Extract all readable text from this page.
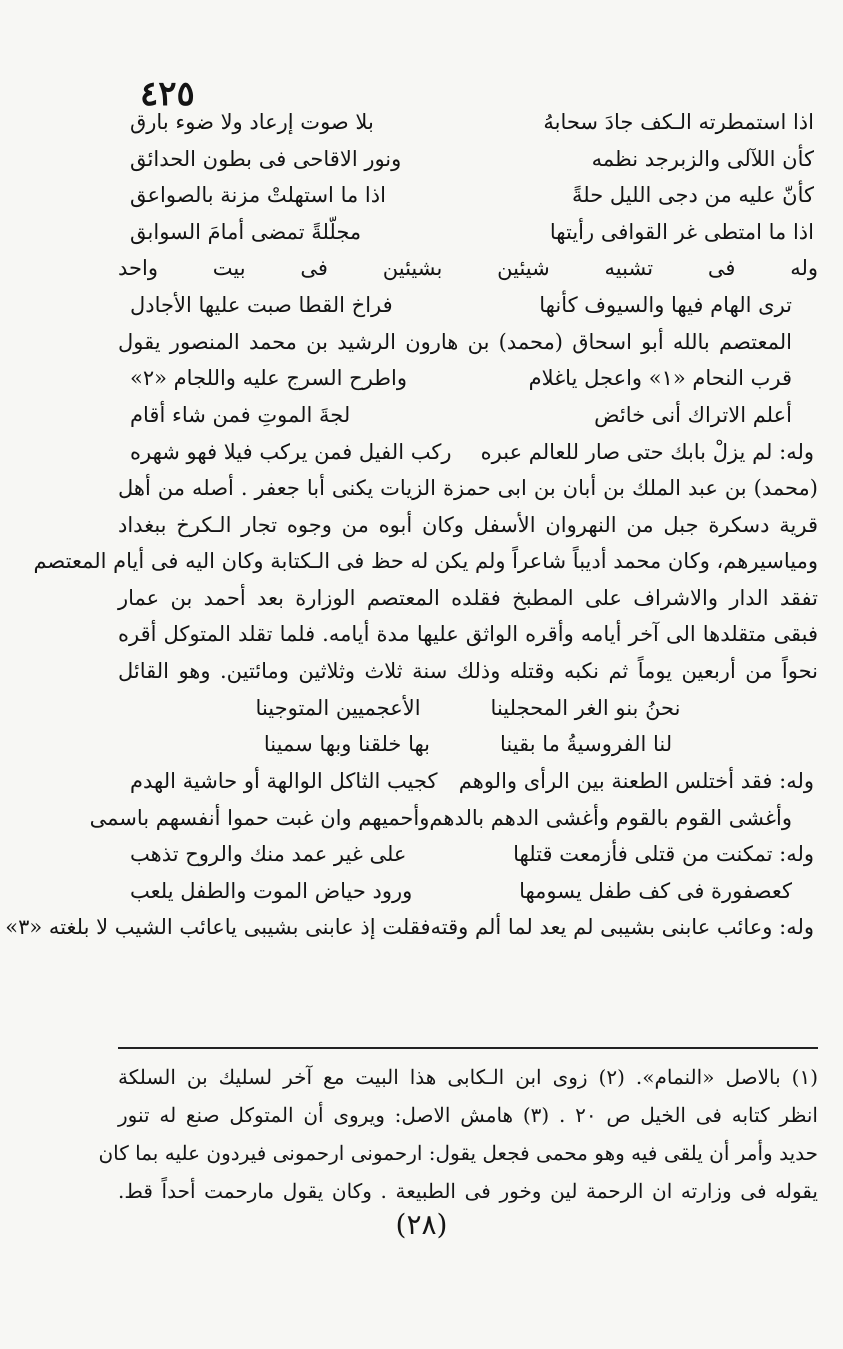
٤٢٥
اذا استمطرته الـكف جادَ سحابهُ
بلا صوت إرعاد ولا ضوء بارق
كأن اللآلى والزبرجد نظمه
ونور الاقاحى فى بطون الحدائق
كأنّ عليه من دجى الليل حلةً
اذا ما استهلتْ مزنة بالصواعق
اذا ما امتطى غر القوافى رأيتها
مجلّلةً تمضى أمامَ السوابق
وله فى تشبيه شيئين بشيئين فى بيت واحد
ترى الهام فيها والسيوف كأنها
فراخ القطا صبت عليها الأجادل
المعتصم بالله أبو اسحاق (محمد) بن هارون الرشيد بن محمد المنصور يقول
قرب النحام «١» واعجل ياغلام
واطرح السرج عليه واللجام «٢»
أعلم الاتراك أنى خائض
لجةَ الموتِ فمن شاء أقام
وله: لم يزلْ بابك حتى صار للعالم عبره
ركب الفيل فمن يركب فيلا فهو شهره
(محمد) بن عبد الملك بن أبان بن ابى حمزة الزيات يكنى أبا جعفر . أصله من أهل
قرية دسكرة جبل من النهروان الأسفل وكان أبوه من وجوه تجار الـكرخ ببغداد
ومياسيرهم، وكان محمد أديباً شاعراً ولم يكن له حظ فى الـكتابة وكان اليه فى أيام المعتصم
تفقد الدار والاشراف على المطبخ فقلده المعتصم الوزارة بعد أحمد بن عمار
فبقى متقلدها الى آخر أيامه وأقره الواثق عليها مدة أيامه. فلما تقلد المتوكل أقره
نحواً من أربعين يوماً ثم نكبه وقتله وذلك سنة ثلاث وثلاثين ومائتين. وهو القائل
نحنُ بنو الغر المحجلينا
الأعجميين المتوجينا
لنا الفروسيةُ ما بقينا
بها خلقنا وبها سمينا
وله: فقد أختلس الطعنة بين الرأى والوهم
كجيب الثاكل الوالهة أو حاشية الهدم
وأغشى القوم بالقوم وأغشى الدهم بالدهم
وأحميهم وان غبت حموا أنفسهم باسمى
وله: تمكنت من قتلى فأزمعت قتلها
على غير عمد منك والروح تذهب
كعصفورة فى كف طفل يسومها
ورود حياض الموت والطفل يلعب
وله: وعائب عابنى بشيبى لم يعد لما ألم وقته
فقلت إذ عابنى بشيبى ياعائب الشيب لا بلغته «٣»
(١) بالاصل «النمام». (٢) زوى ابن الـكابى هذا البيت مع آخر لسليك بن السلكة
انظر كتابه فى الخيل ص ٢٠ . (٣) هامش الاصل: ويروى أن المتوكل صنع له تنور
حديد وأمر أن يلقى فيه وهو محمى فجعل يقول: ارحمونى ارحمونى فيردون عليه بما كان
يقوله فى وزارته ان الرحمة لين وخور فى الطبيعة . وكان يقول مارحمت أحداً قط.
(٢٨)
